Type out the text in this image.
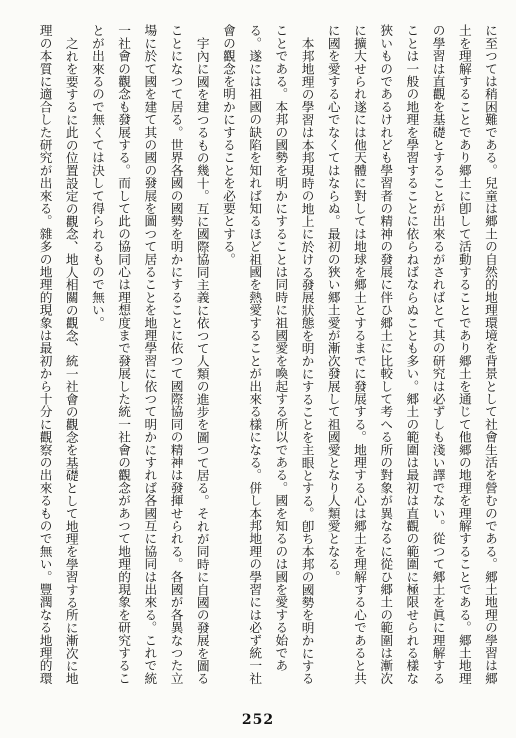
に至つては稍困難である。兒童は郷土の自然的地理環境を背景として社會生活を營むのである。郷土地理の學習は郷
土を理解することであり郷土に卽して活動することであり郷土を通じて他郷の地理を理解することである。郷土地理
の學習は直觀を基礎とすることが出來るがさればとて其の研究は必ずしも淺い譯でない。從つて郷土を眞に理解する
ことは一般の地理を學習することに依らねばならぬことも多い。郷土の範圍は最初は直觀の範圍に極限せられる樣な
狹いものであるけれども學習者の精神の發展に伴ひ郷土に比較して考へる所の對象が異なるに從ひ郷土の範圍は漸次
に擴大せられ遂には他天體に對しては地球を郷土とするまでに發展する。地理する心は郷土を理解する心であると共
に國を愛する心でなくてはならぬ。最初の狹い郷土愛が漸次發展して祖國愛となり人類愛となる。
本邦地理の學習は本邦現時の地上に於ける發展狀態を明かにすることを主眼とする。卽ち本邦の國勢を明かにする
ことである。本邦の國勢を明かにすることは同時に祖國愛を喚起する所以である。國を知るのは國を愛する始であ
る。遂には祖國の缺陷を知れば知るほど祖國を熱愛することが出來る樣になる。併し本邦地理の學習には必ず統一社
會の觀念を明かにすることを必要とする。
宇內に國を建つるもの幾十。互に國際協同主義に依つて人類の進步を圖つて居る。それが同時に自國の發展を圖る
ことになつて居る。世界各國の國勢を明かにすることに依つて國際協同の精神は發揮せられる。各國が各異なつた立
場に於て國を建て其の國の發展を圖つて居ることを地理學習に依つて明かにすれば各國互に協同は出來る。これで統
一社會の觀念も發展する。而して此の協同心は理想度まで發展した統一社會の觀念があつて地理的現象を研究するこ
とが出來るので無くては決して得られるもので無い。
之れを要するに此の位置設定の觀念、地人相關の觀念、統一社會の觀念を基礎として地理を學習する所に漸次に地
理の本質に適合した研究が出來る。雜多の地理的現象は最初から十分に觀察の出來るもので無い。豐潤なる地理的環
252
